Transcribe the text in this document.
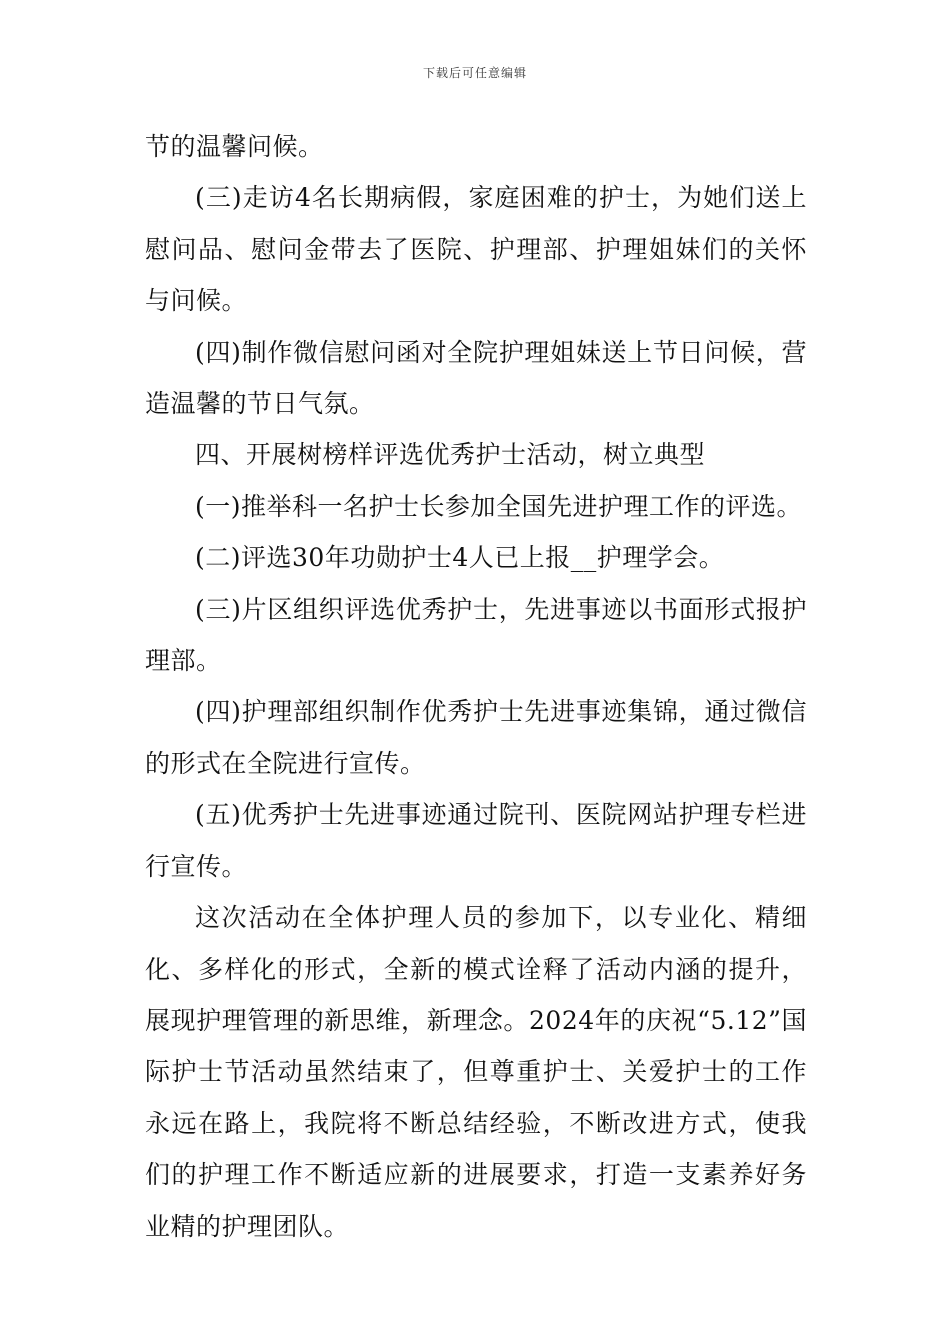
下载后可任意编辑

节的温馨问候。

(三)走访4名长期病假，家庭困难的护士，为她们送上慰问品、慰问金带去了医院、护理部、护理姐妹们的关怀与问候。

(四)制作微信慰问函对全院护理姐妹送上节日问候，营造温馨的节日气氛。

四、开展树榜样评选优秀护士活动，树立典型

(一)推举科一名护士长参加全国先进护理工作的评选。

(二)评选30年功勋护士4人已上报__护理学会。

(三)片区组织评选优秀护士，先进事迹以书面形式报护理部。

(四)护理部组织制作优秀护士先进事迹集锦，通过微信的形式在全院进行宣传。

(五)优秀护士先进事迹通过院刊、医院网站护理专栏进行宣传。

这次活动在全体护理人员的参加下，以专业化、精细化、多样化的形式，全新的模式诠释了活动内涵的提升，展现护理管理的新思维，新理念。2024年的庆祝“5.12”国际护士节活动虽然结束了，但尊重护士、关爱护士的工作永远在路上，我院将不断总结经验，不断改进方式，使我们的护理工作不断适应新的进展要求，打造一支素养好务业精的护理团队。
